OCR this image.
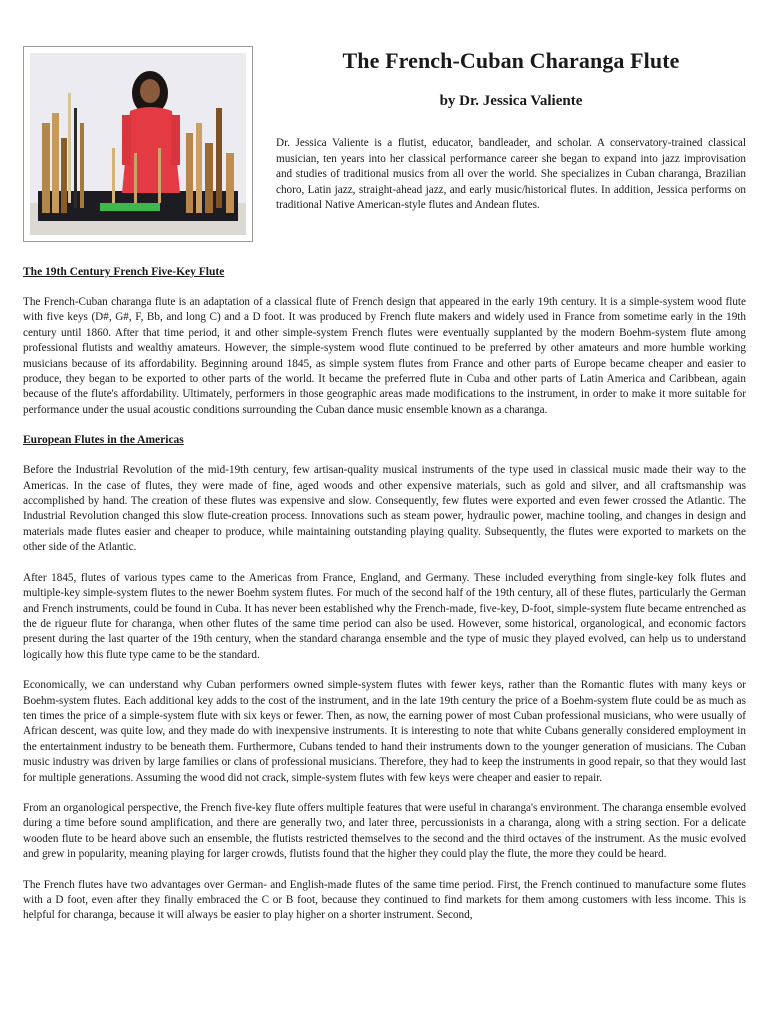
The French-Cuban Charanga Flute
by Dr. Jessica Valiente

Dr. Jessica Valiente is a flutist, educator, bandleader, and scholar. A conservatory-trained classical musician, ten years into her classical performance career she began to expand into jazz improvisation and studies of traditional musics from all over the world. She specializes in Cuban charanga, Brazilian choro, Latin jazz, straight-ahead jazz, and early music/historical flutes. In addition, Jessica performs on traditional Native American-style flutes and Andean flutes.

The 19th Century French Five-Key Flute

The French-Cuban charanga flute is an adaptation of a classical flute of French design that appeared in the early 19th century. It is a simple-system wood flute with five keys (D#, G#, F, Bb, and long C) and a D foot. It was produced by French flute makers and widely used in France from sometime early in the 19th century until 1860. After that time period, it and other simple-system French flutes were eventually supplanted by the modern Boehm-system flute among professional flutists and wealthy amateurs. However, the simple-system wood flute continued to be preferred by other amateurs and more humble working musicians because of its affordability. Beginning around 1845, as simple system flutes from France and other parts of Europe became cheaper and easier to produce, they began to be exported to other parts of the world. It became the preferred flute in Cuba and other parts of Latin America and Caribbean, again because of the flute's affordability. Ultimately, performers in those geographic areas made modifications to the instrument, in order to make it more suitable for performance under the usual acoustic conditions surrounding the Cuban dance music ensemble known as a charanga.

European Flutes in the Americas

Before the Industrial Revolution of the mid-19th century, few artisan-quality musical instruments of the type used in classical music made their way to the Americas. In the case of flutes, they were made of fine, aged woods and other expensive materials, such as gold and silver, and all craftsmanship was accomplished by hand. The creation of these flutes was expensive and slow. Consequently, few flutes were exported and even fewer crossed the Atlantic. The Industrial Revolution changed this slow flute-creation process. Innovations such as steam power, hydraulic power, machine tooling, and changes in design and materials made flutes easier and cheaper to produce, while maintaining outstanding playing quality. Subsequently, the flutes were exported to markets on the other side of the Atlantic.

After 1845, flutes of various types came to the Americas from France, England, and Germany. These included everything from single-key folk flutes and multiple-key simple-system flutes to the newer Boehm system flutes. For much of the second half of the 19th century, all of these flutes, particularly the German and French instruments, could be found in Cuba. It has never been established why the French-made, five-key, D-foot, simple-system flute became entrenched as the de rigueur flute for charanga, when other flutes of the same time period can also be used. However, some historical, organological, and economic factors present during the last quarter of the 19th century, when the standard charanga ensemble and the type of music they played evolved, can help us to understand logically how this flute type came to be the standard.

Economically, we can understand why Cuban performers owned simple-system flutes with fewer keys, rather than the Romantic flutes with many keys or Boehm-system flutes. Each additional key adds to the cost of the instrument, and in the late 19th century the price of a Boehm-system flute could be as much as ten times the price of a simple-system flute with six keys or fewer. Then, as now, the earning power of most Cuban professional musicians, who were usually of African descent, was quite low, and they made do with inexpensive instruments. It is interesting to note that white Cubans generally considered employment in the entertainment industry to be beneath them. Furthermore, Cubans tended to hand their instruments down to the younger generation of musicians. The Cuban music industry was driven by large families or clans of professional musicians. Therefore, they had to keep the instruments in good repair, so that they would last for multiple generations. Assuming the wood did not crack, simple-system flutes with few keys were cheaper and easier to repair.

From an organological perspective, the French five-key flute offers multiple features that were useful in charanga's environment. The charanga ensemble evolved during a time before sound amplification, and there are generally two, and later three, percussionists in a charanga, along with a string section. For a delicate wooden flute to be heard above such an ensemble, the flutists restricted themselves to the second and the third octaves of the instrument. As the music evolved and grew in popularity, meaning playing for larger crowds, flutists found that the higher they could play the flute, the more they could be heard.

The French flutes have two advantages over German- and English-made flutes of the same time period. First, the French continued to manufacture some flutes with a D foot, even after they finally embraced the C or B foot, because they continued to find markets for them among customers with less income. This is helpful for charanga, because it will always be easier to play higher on a shorter instrument. Second,
